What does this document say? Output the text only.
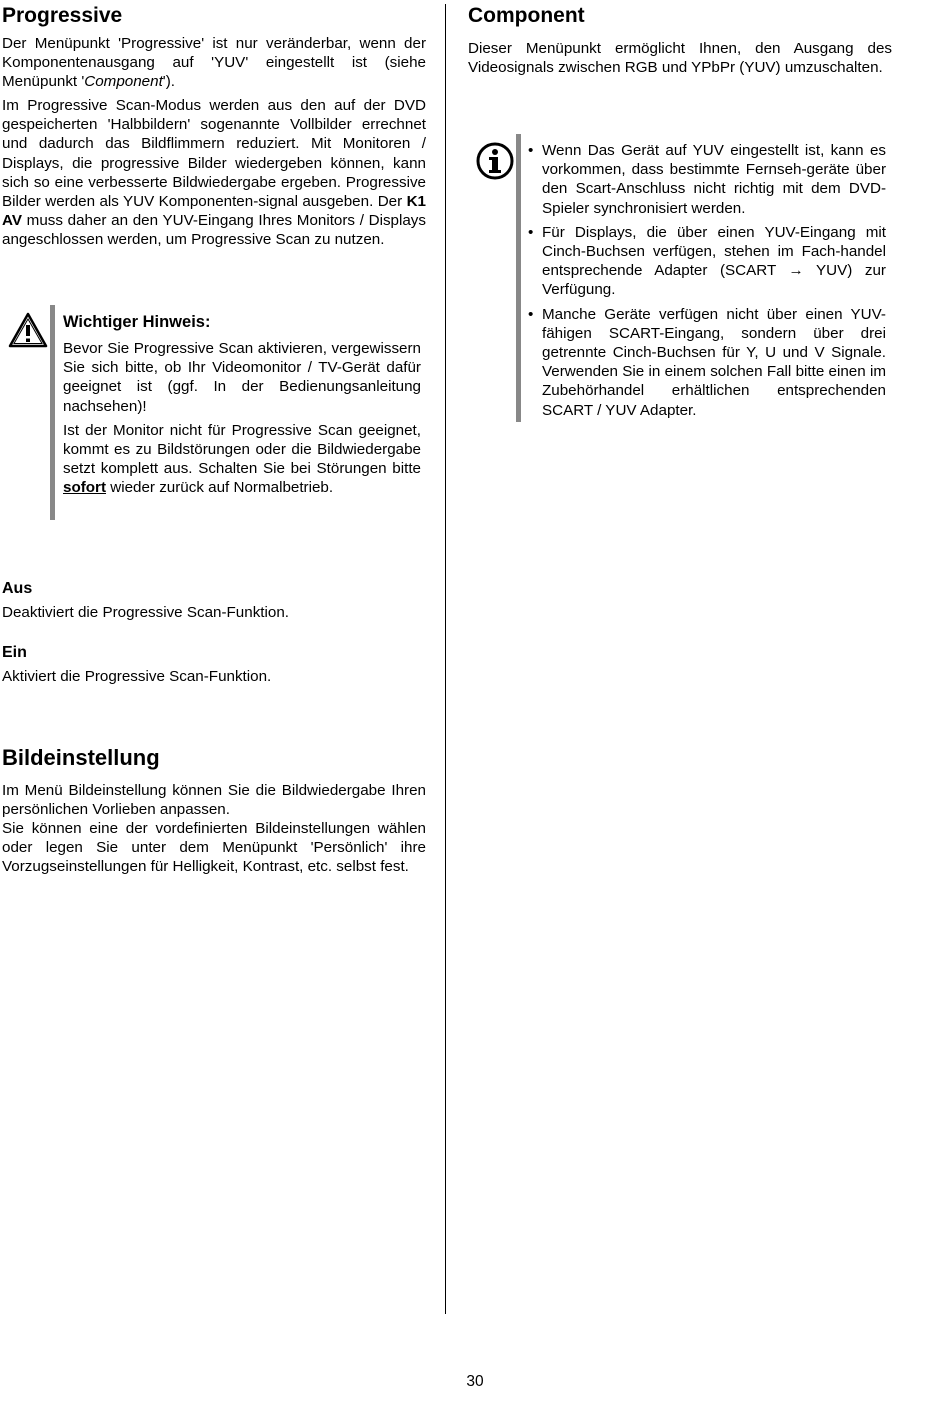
Progressive

Der Menüpunkt 'Progressive' ist nur veränderbar, wenn der Komponentenausgang auf 'YUV' eingestellt ist (siehe Menüpunkt 'Component').

Im Progressive Scan-Modus werden aus den auf der DVD gespeicherten 'Halbbildern' sogenannte Vollbilder errechnet und dadurch das Bildflimmern reduziert. Mit Monitoren / Displays, die progressive Bilder wiedergeben können, kann sich so eine verbesserte Bildwiedergabe ergeben. Progressive Bilder werden als YUV Komponenten-signal ausgeben. Der K1 AV muss daher an den YUV-Eingang Ihres Monitors / Displays angeschlossen werden, um Progressive Scan zu nutzen.

Wichtiger Hinweis:

Bevor Sie Progressive Scan aktivieren, vergewissern Sie sich bitte, ob Ihr Videomonitor / TV-Gerät dafür geeignet ist (ggf. In der Bedienungsanleitung nachsehen)!

Ist der Monitor nicht für Progressive Scan geeignet, kommt es zu Bildstörungen oder die Bildwiedergabe setzt komplett aus. Schalten Sie bei Störungen bitte sofort wieder zurück auf Normalbetrieb.

Aus

Deaktiviert die Progressive Scan-Funktion.

Ein

Aktiviert die Progressive Scan-Funktion.

Bildeinstellung

Im Menü Bildeinstellung können Sie die Bildwiedergabe Ihren persönlichen Vorlieben anpassen.

Sie können eine der vordefinierten Bildeinstellungen wählen oder legen Sie unter dem Menüpunkt 'Persönlich' ihre Vorzugseinstellungen für Helligkeit, Kontrast, etc. selbst fest.

Component

Dieser Menüpunkt ermöglicht Ihnen, den Ausgang des Videosignals zwischen RGB und YPbPr (YUV) umzuschalten.

• Wenn Das Gerät auf YUV eingestellt ist, kann es vorkommen, dass bestimmte Fernseh-geräte über den Scart-Anschluss nicht richtig mit dem DVD-Spieler synchronisiert werden.
• Für Displays, die über einen YUV-Eingang mit Cinch-Buchsen verfügen, stehen im Fach-handel entsprechende Adapter (SCART → YUV) zur Verfügung.
• Manche Geräte verfügen nicht über einen YUV-fähigen SCART-Eingang, sondern über drei getrennte Cinch-Buchsen für Y, U und V Signale. Verwenden Sie in einem solchen Fall bitte einen im Zubehörhandel erhältlichen entsprechenden SCART / YUV Adapter.
30
